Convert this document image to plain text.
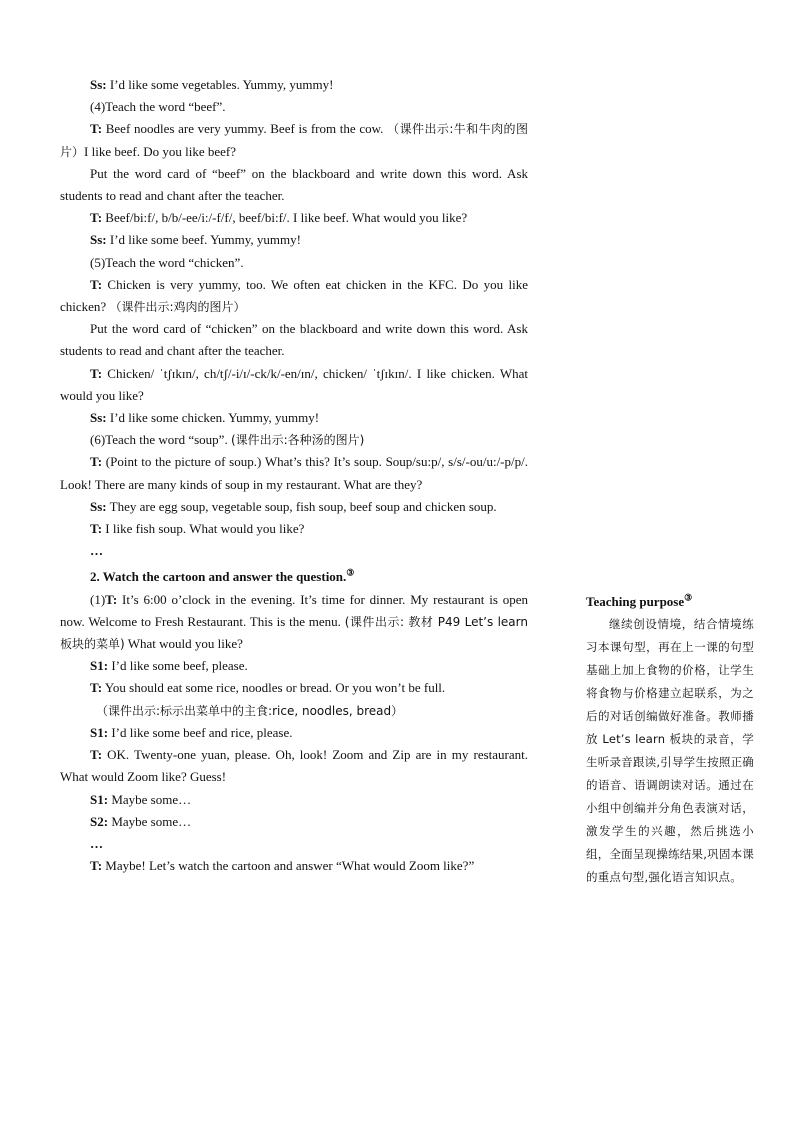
Ss: I’d like some vegetables. Yummy, yummy!

(4)Teach the word “beef”.

T: Beef noodles are very yummy. Beef is from the cow. （课件出示:牛和牛肉的图片）I like beef. Do you like beef?

Put the word card of “beef” on the blackboard and write down this word. Ask students to read and chant after the teacher.

T: Beef/bi:f/, b/b/-ee/i:/-f/f/, beef/bi:f/. I like beef. What would you like?

Ss: I’d like some beef. Yummy, yummy!

(5)Teach the word “chicken”.

T: Chicken is very yummy, too. We often eat chicken in the KFC. Do you like chicken? （课件出示:鸡肉的图片）

Put the word card of “chicken” on the blackboard and write down this word. Ask students to read and chant after the teacher.

T: Chicken/ ˈtʃɪkɪn/, ch/tʃ/-i/ɪ/-ck/k/-en/ɪn/, chicken/ ˈtʃɪkɪn/. I like chicken. What would you like?

Ss: I’d like some chicken. Yummy, yummy!

(6)Teach the word “soup”. (课件出示:各种汤的图片)

T: (Point to the picture of soup.) What’s this? It’s soup. Soup/su:p/, s/s/-ou/u:/-p/p/. Look! There are many kinds of soup in my restaurant. What are they?

Ss: They are egg soup, vegetable soup, fish soup, beef soup and chicken soup.

T: I like fish soup. What would you like?

…

2. Watch the cartoon and answer the question.③

(1)T: It’s 6:00 o’clock in the evening. It’s time for dinner. My restaurant is open now. Welcome to Fresh Restaurant. This is the menu. (课件出示: 教材 P49 Let’s learn 板块的菜单) What would you like?

S1: I’d like some beef, please.

T: You should eat some rice, noodles or bread. Or you won’t be full.

（课件出示:标示出菜单中的主食:rice, noodles, bread）

S1: I’d like some beef and rice, please.

T: OK. Twenty-one yuan, please. Oh, look! Zoom and Zip are in my restaurant. What would Zoom like? Guess!

S1: Maybe some…

S2: Maybe some…

…

T: Maybe! Let’s watch the cartoon and answer “What would Zoom like?”

Teaching purpose③

继续创设情境，结合情境练习本课句型，再在上一课的句型基础上加上食物的价格，让学生将食物与价格建立起联系，为之后的对话创编做好准备。教师播放 Let’s learn 板块的录音，学生听录音跟读,引导学生按照正确的语音、语调朗读对话。通过在小组中创编并分角色表演对话，激发学生的兴趣，然后挑选小组，全面呈现操练结果,巩固本课的重点句型,强化语言知识点。
